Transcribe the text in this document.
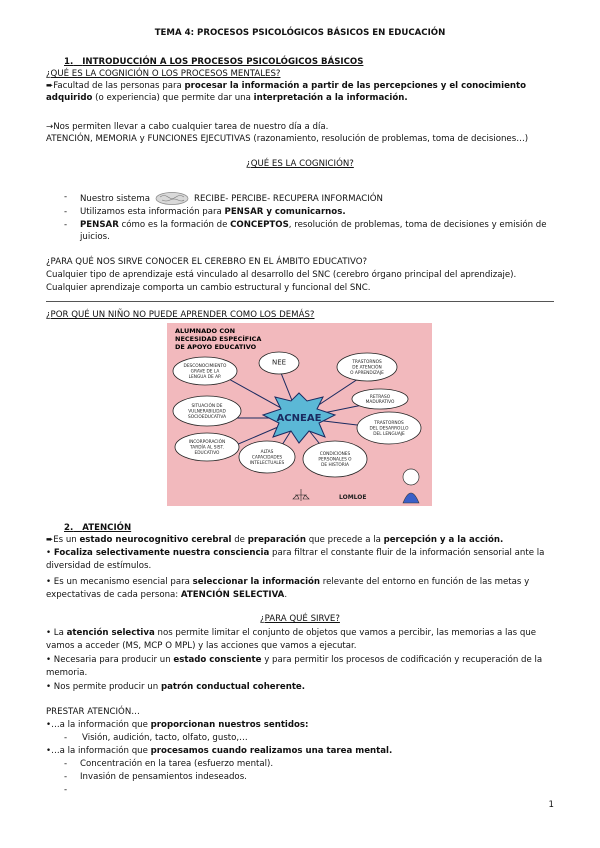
TEMA 4: PROCESOS PSICOLÓGICOS BÁSICOS EN EDUCACIÓN
1. INTRODUCCIÓN A LOS PROCESOS PSICOLÓGICOS BÁSICOS
¿QUÉ ES LA COGNICIÓN O LOS PROCESOS MENTALES?
➨Facultad de las personas para procesar la información a partir de las percepciones y el conocimiento
adquirido (o experiencia) que permite dar una interpretación a la información.
→Nos permiten llevar a cabo cualquier tarea de nuestro día a día.
ATENCIÓN, MEMORIA y FUNCIONES EJECUTIVAS (razonamiento, resolución de problemas, toma de decisiones…)
¿QUÉ ES LA COGNICIÓN?
- Nuestro sistema	RECIBE- PERCIBE- RECUPERA INFORMACIÓN
- Utilizamos esta información para PENSAR y comunicarnos.
- PENSAR cómo es la formación de CONCEPTOS, resolución de problemas, toma de decisiones y emisión de
juicios.
¿PARA QUÉ NOS SIRVE CONOCER EL CEREBRO EN EL ÁMBITO EDUCATIVO?
Cualquier tipo de aprendizaje está vinculado al desarrollo del SNC (cerebro órgano principal del aprendizaje).
Cualquier aprendizaje comporta un cambio estructural y funcional del SNC.
¿POR QUÉ UN NIÑO NO PUEDE APRENDER COMO LOS DEMÁS?
ALUMNADO CON
NECESIDAD ESPECÍFICA
DE APOYO EDUCATIVO
ACNEAE
DESCONOCIMIENTO
GRAVE DE LA
LENGUA DE AP.
NEE	TRASTORNOS
DE ATENCIÓN
O APRENDIZAJE
SITUACIÓN DE
VULNERABILIDAD
SOCIOEDUCATIVA
RETRASO
MADURATIVO
TRASTORNOS
DEL DESARROLLO
DEL LENGUAJE
INCORPORACIÓN
TARDÍA AL SIST.
EDUCATIVO	ALTAS
CAPACIDADES
INTELECTUALES
CONDICIONES
PERSONALES O
DE HISTORIA
LOMLOE
2. ATENCIÓN
➨Es un estado neurocognitivo cerebral de preparación que precede a la percepción y a la acción.
• Focaliza selectivamente nuestra consciencia para filtrar el constante fluir de la información sensorial ante la
diversidad de estímulos.
• Es un mecanismo esencial para seleccionar la información relevante del entorno en función de las metas y
expectativas de cada persona: ATENCIÓN SELECTIVA.
¿PARA QUÉ SIRVE?
• La atención selectiva nos permite limitar el conjunto de objetos que vamos a percibir, las memorias a las que
vamos a acceder (MS, MCP O MPL) y las acciones que vamos a ejecutar.
• Necesaria para producir un estado consciente y para permitir los procesos de codificación y recuperación de la
memoria.
• Nos permite producir un patrón conductual coherente.
PRESTAR ATENCIÓN…
•…a la información que proporcionan nuestros sentidos:
- Visión, audición, tacto, olfato, gusto,…
•…a la información que procesamos cuando realizamos una tarea mental.
- Concentración en la tarea (esfuerzo mental).
- Invasión de pensamientos indeseados.
-
1
